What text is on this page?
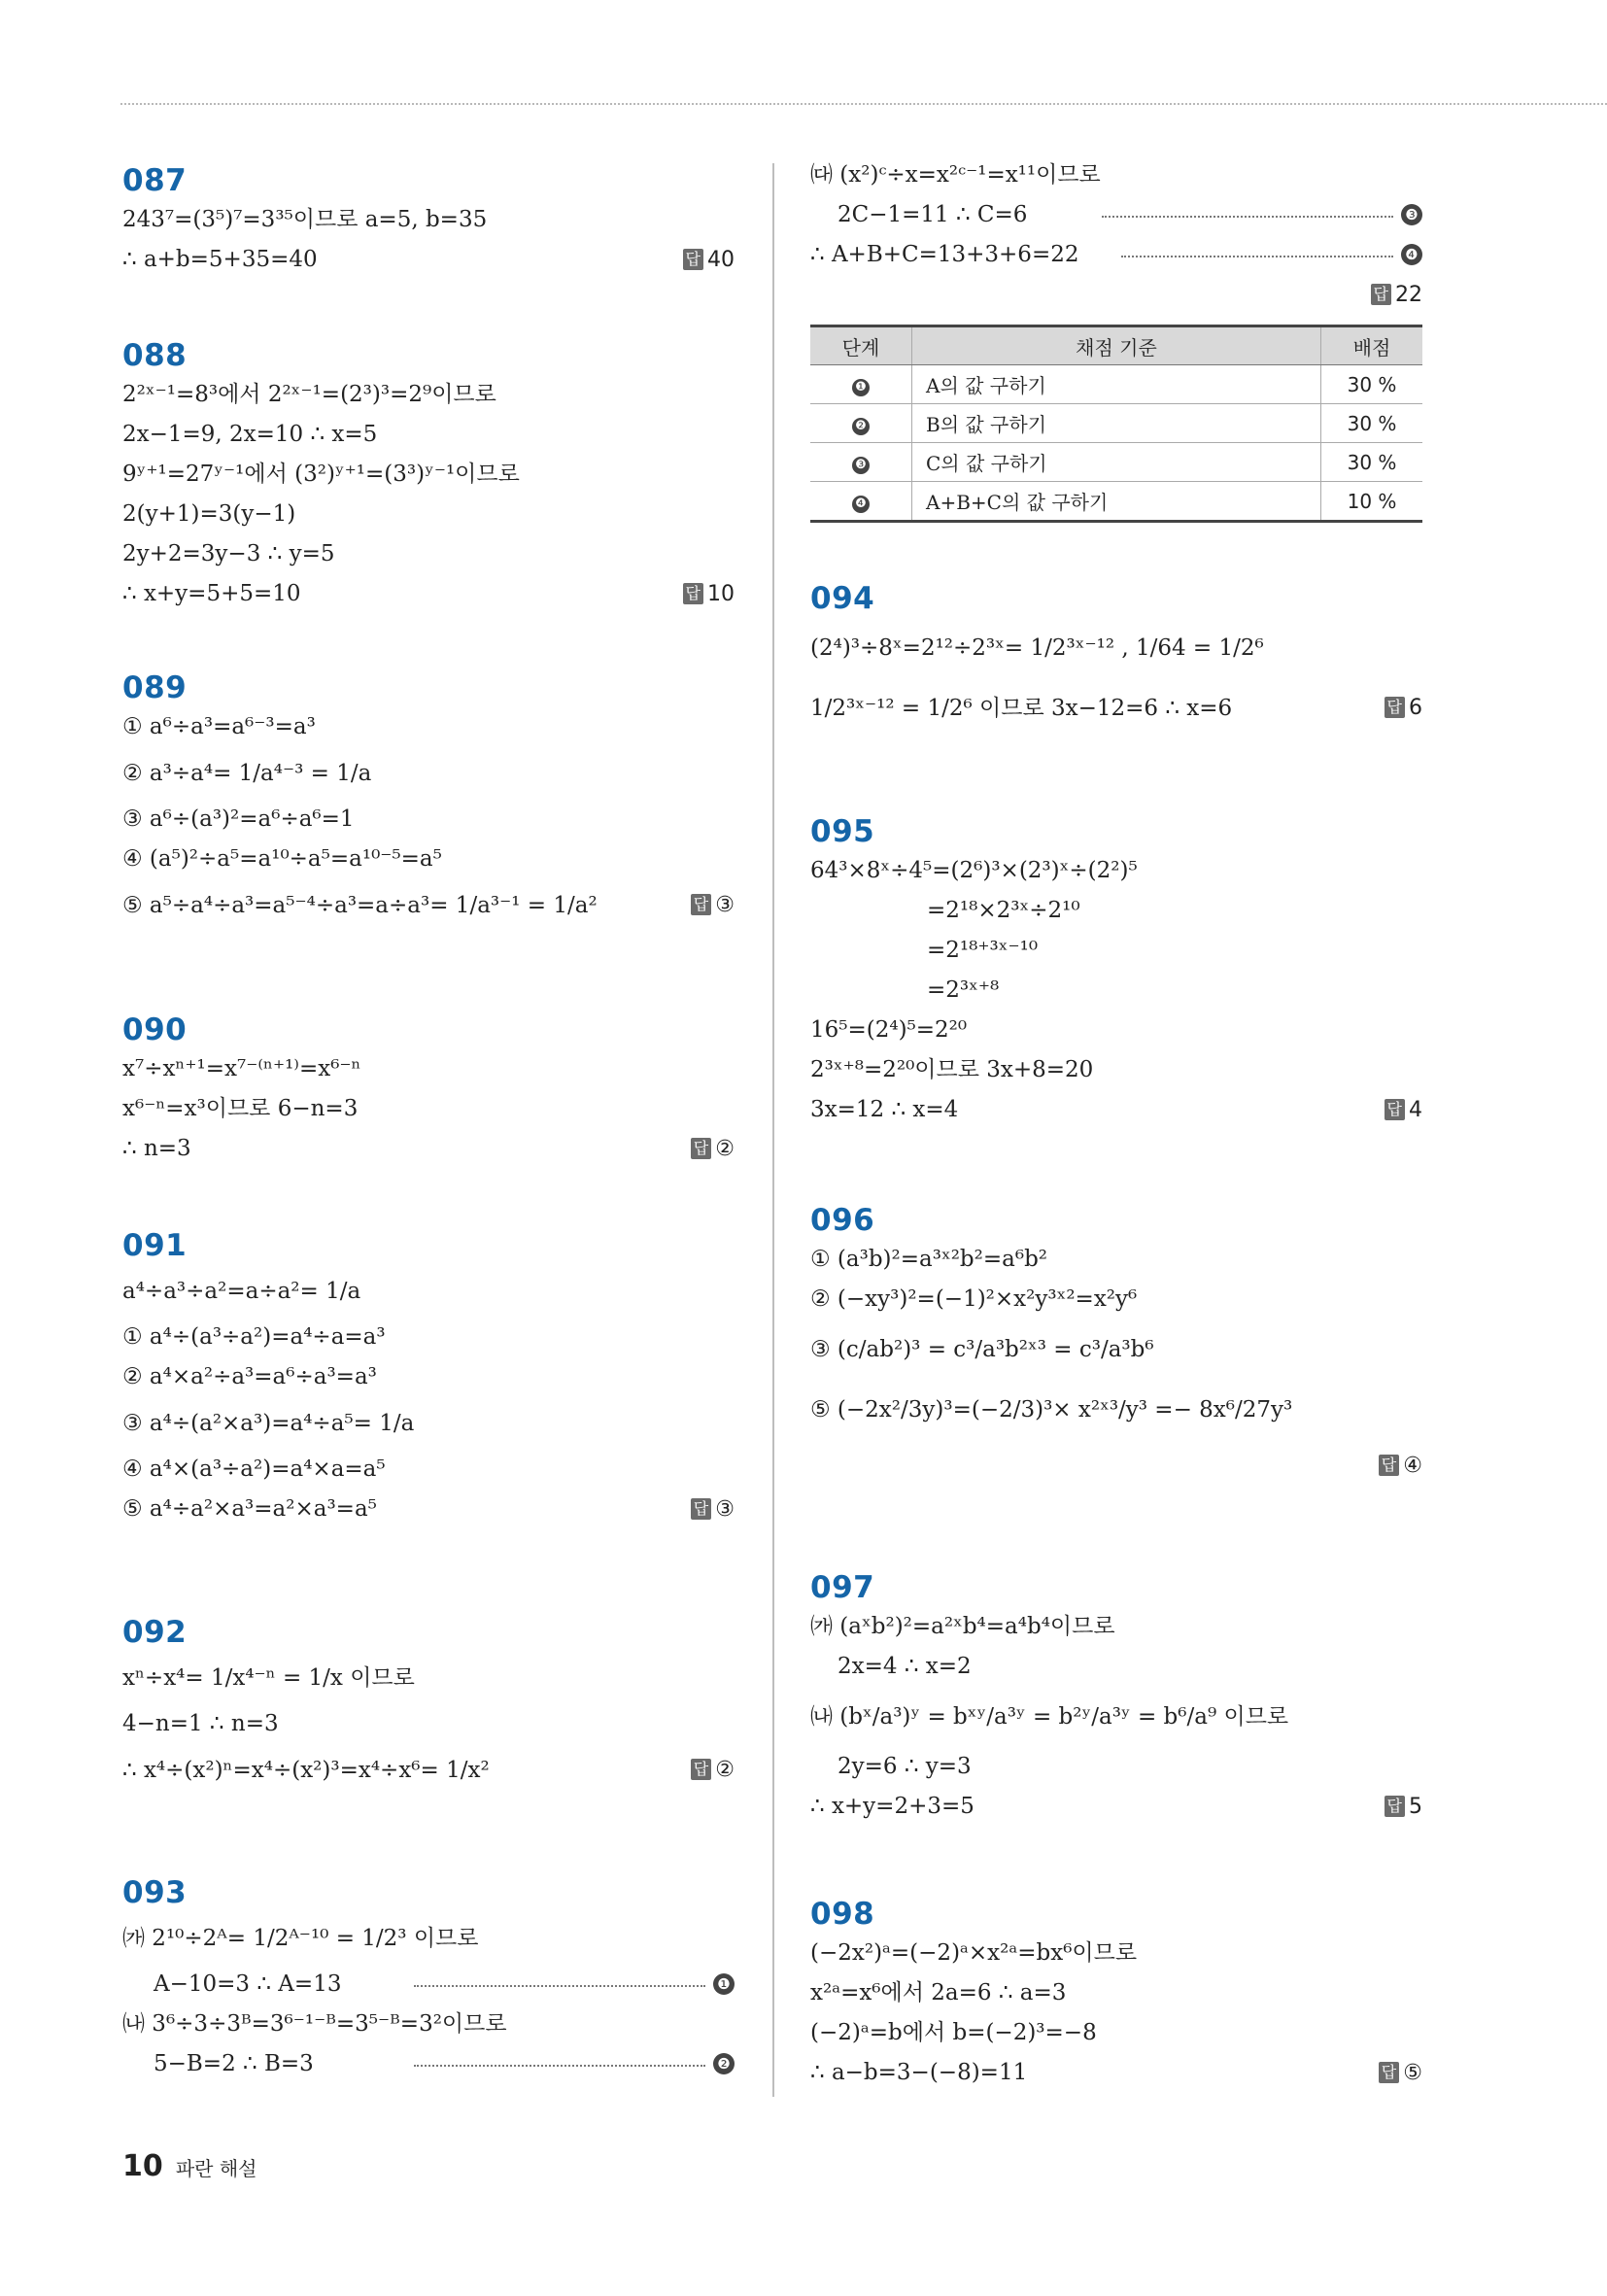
087
243⁷=(3⁵)⁷=3³⁵이므로 a=5, b=35
∴ a+b=5+35=40	답 40
088
2²ˣ⁻¹=8³에서 2²ˣ⁻¹=(2³)³=2⁹이므로
2x−1=9, 2x=10 ∴ x=5
9ʸ⁺¹=27ʸ⁻¹에서 (3²)ʸ⁺¹=(3³)ʸ⁻¹이므로
2(y+1)=3(y−1)
2y+2=3y−3 ∴ y=5
∴ x+y=5+5=10	답 10
089
① a⁶÷a³=a⁶⁻³=a³
② a³÷a⁴= 1/a⁴⁻³ = 1/a
③ a⁶÷(a³)²=a⁶÷a⁶=1
④ (a⁵)²÷a⁵=a¹⁰÷a⁵=a¹⁰⁻⁵=a⁵
⑤ a⁵÷a⁴÷a³=a⁵⁻⁴÷a³=a÷a³= 1/a³⁻¹ = 1/a²	답 ③
090
x⁷÷xⁿ⁺¹=x⁷⁻⁽ⁿ⁺¹⁾=x⁶⁻ⁿ
x⁶⁻ⁿ=x³이므로 6−n=3
∴ n=3	답 ②
091
a⁴÷a³÷a²=a÷a²= 1/a
① a⁴÷(a³÷a²)=a⁴÷a=a³
② a⁴×a²÷a³=a⁶÷a³=a³
③ a⁴÷(a²×a³)=a⁴÷a⁵= 1/a
④ a⁴×(a³÷a²)=a⁴×a=a⁵
⑤ a⁴÷a²×a³=a²×a³=a⁵	답 ③
092
xⁿ÷x⁴= 1/x⁴⁻ⁿ = 1/x 이므로
4−n=1 ∴ n=3
∴ x⁴÷(x²)ⁿ=x⁴÷(x²)³=x⁴÷x⁶= 1/x²	답 ②
093
㈎ 2¹⁰÷2ᴬ= 1/2ᴬ⁻¹⁰ = 1/2³ 이므로
A−10=3 ∴ A=13	❶
㈏ 3⁶÷3÷3ᴮ=3⁶⁻¹⁻ᴮ=3⁵⁻ᴮ=3²이므로
5−B=2 ∴ B=3	❷
㈐ (x²)ᶜ÷x=x²ᶜ⁻¹=x¹¹이므로
2C−1=11 ∴ C=6	❸
∴ A+B+C=13+3+6=22	❹
답 22
단계	채점 기준	배점
❶	A의 값 구하기	30 %
❷	B의 값 구하기	30 %
❸	C의 값 구하기	30 %
❹	A+B+C의 값 구하기	10 %
094
(2⁴)³÷8ˣ=2¹²÷2³ˣ= 1/2³ˣ⁻¹² , 1/64 = 1/2⁶
1/2³ˣ⁻¹² = 1/2⁶ 이므로 3x−12=6 ∴ x=6	답 6
095
64³×8ˣ÷4⁵=(2⁶)³×(2³)ˣ÷(2²)⁵
=2¹⁸×2³ˣ÷2¹⁰
=2¹⁸⁺³ˣ⁻¹⁰
=2³ˣ⁺⁸
16⁵=(2⁴)⁵=2²⁰
2³ˣ⁺⁸=2²⁰이므로 3x+8=20
3x=12 ∴ x=4	답 4
096
① (a³b)²=a³ˣ²b²=a⁶b²
② (−xy³)²=(−1)²×x²y³ˣ²=x²y⁶
③ (c/ab²)³ = c³/a³b²ˣ³ = c³/a³b⁶
⑤ (−2x²/3y)³=(−2/3)³× x²ˣ³/y³ =− 8x⁶/27y³
답 ④
097
㈎ (aˣb²)²=a²ˣb⁴=a⁴b⁴이므로
2x=4 ∴ x=2
㈏ (bˣ/a³)ʸ = bˣʸ/a³ʸ = b²ʸ/a³ʸ = b⁶/a⁹ 이므로
2y=6 ∴ y=3
∴ x+y=2+3=5	답 5
098
(−2x²)ᵃ=(−2)ᵃ×x²ᵃ=bx⁶이므로
x²ᵃ=x⁶에서 2a=6 ∴ a=3
(−2)ᵃ=b에서 b=(−2)³=−8
∴ a−b=3−(−8)=11	답 ⑤
10 파란 해설
